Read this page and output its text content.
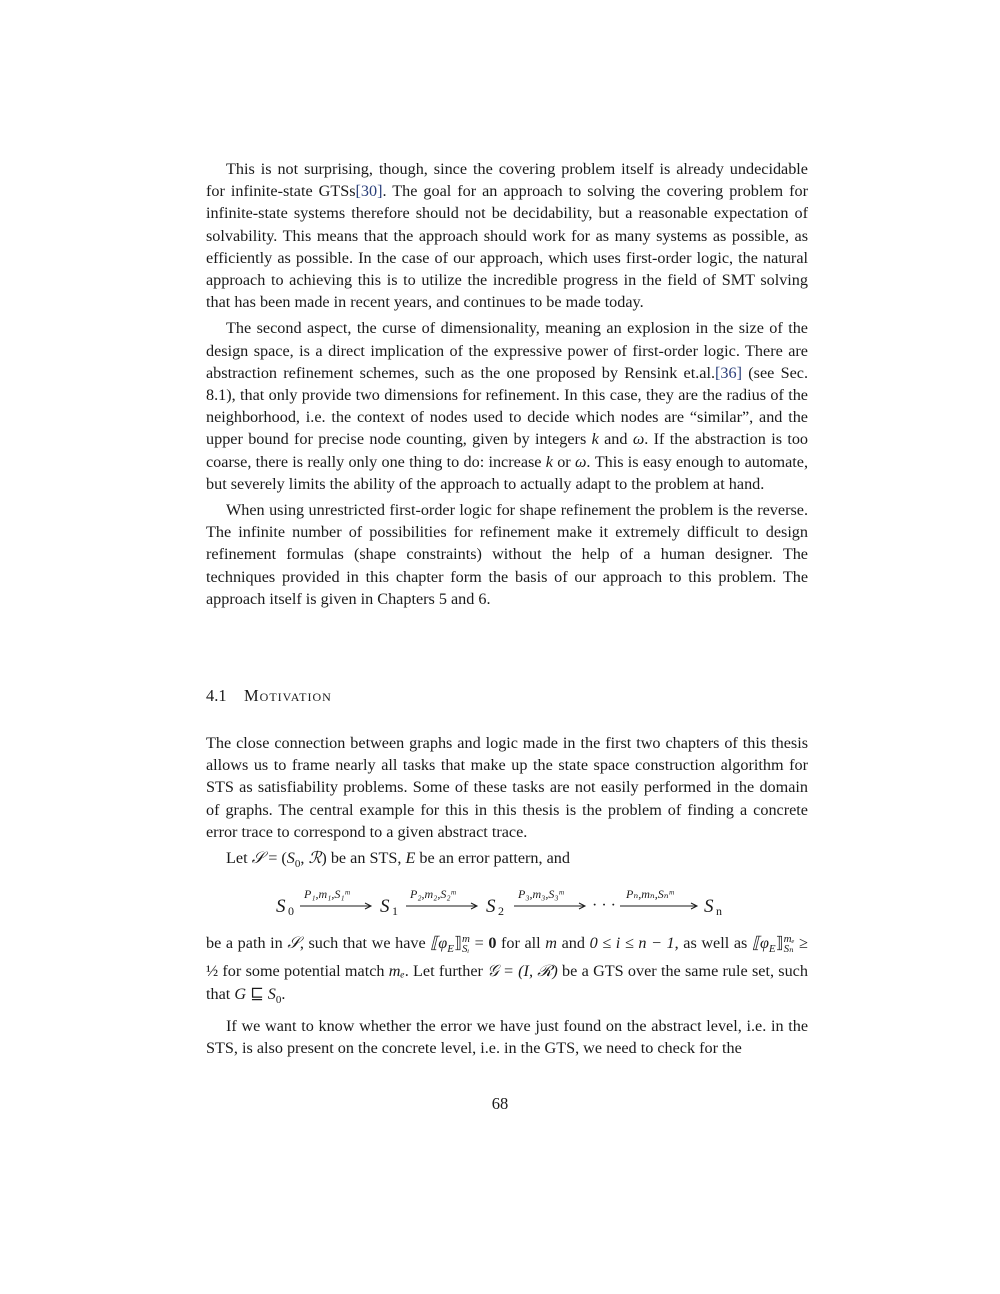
This is not surprising, though, since the covering problem itself is already undecidable for infinite-state GTSs[30]. The goal for an approach to solving the covering problem for infinite-state systems therefore should not be decidability, but a reasonable expectation of solvability. This means that the approach should work for as many systems as possible, as efficiently as possible. In the case of our approach, which uses first-order logic, the natural approach to achieving this is to utilize the incredible progress in the field of SMT solving that has been made in recent years, and continues to be made today.

The second aspect, the curse of dimensionality, meaning an explosion in the size of the design space, is a direct implication of the expressive power of first-order logic. There are abstraction refinement schemes, such as the one proposed by Rensink et.al.[36] (see Sec. 8.1), that only provide two dimensions for refinement. In this case, they are the radius of the neighborhood, i.e. the context of nodes used to decide which nodes are “similar”, and the upper bound for precise node counting, given by integers k and ω. If the abstraction is too coarse, there is really only one thing to do: increase k or ω. This is easy enough to automate, but severely limits the ability of the approach to actually adapt to the problem at hand.

When using unrestricted first-order logic for shape refinement the problem is the reverse. The infinite number of possibilities for refinement make it extremely difficult to design refinement formulas (shape constraints) without the help of a human designer. The techniques provided in this chapter form the basis of our approach to this problem. The approach itself is given in Chapters 5 and 6.

4.1 Motivation

The close connection between graphs and logic made in the first two chapters of this thesis allows us to frame nearly all tasks that make up the state space construction algorithm for STS as satisfiability problems. Some of these tasks are not easily performed in the domain of graphs. The central example for this in this thesis is the problem of finding a concrete error trace to correspond to a given abstract trace.

Let 𝒮 = ($S_0$, ℛ) be an STS, E be an error pattern, and

S 0
P₁,m₁,S₁ᵐ
S 1
P₂,m₂,S₂ᵐ
S 2
P₃,m₃,S₃ᵐ
· · ·
Pₙ,mₙ,Sₙᵐ
S n

be a path in 𝒮, such that we have $⟦\varphi_E⟧$ m
Sᵢ = 0 for all m and 0 ≤ i ≤ n − 1, as well as $⟦\varphi_E⟧$ mₑ
Sₙ ≥ ½ for some potential match mₑ. Let further 𝒢 = (I, ℛ) be a GTS over the same rule set, such that G ⊑ $S_0$.

If we want to know whether the error we have just found on the abstract level, i.e. in the STS, is also present on the concrete level, i.e. in the GTS, we need to check for the

68
